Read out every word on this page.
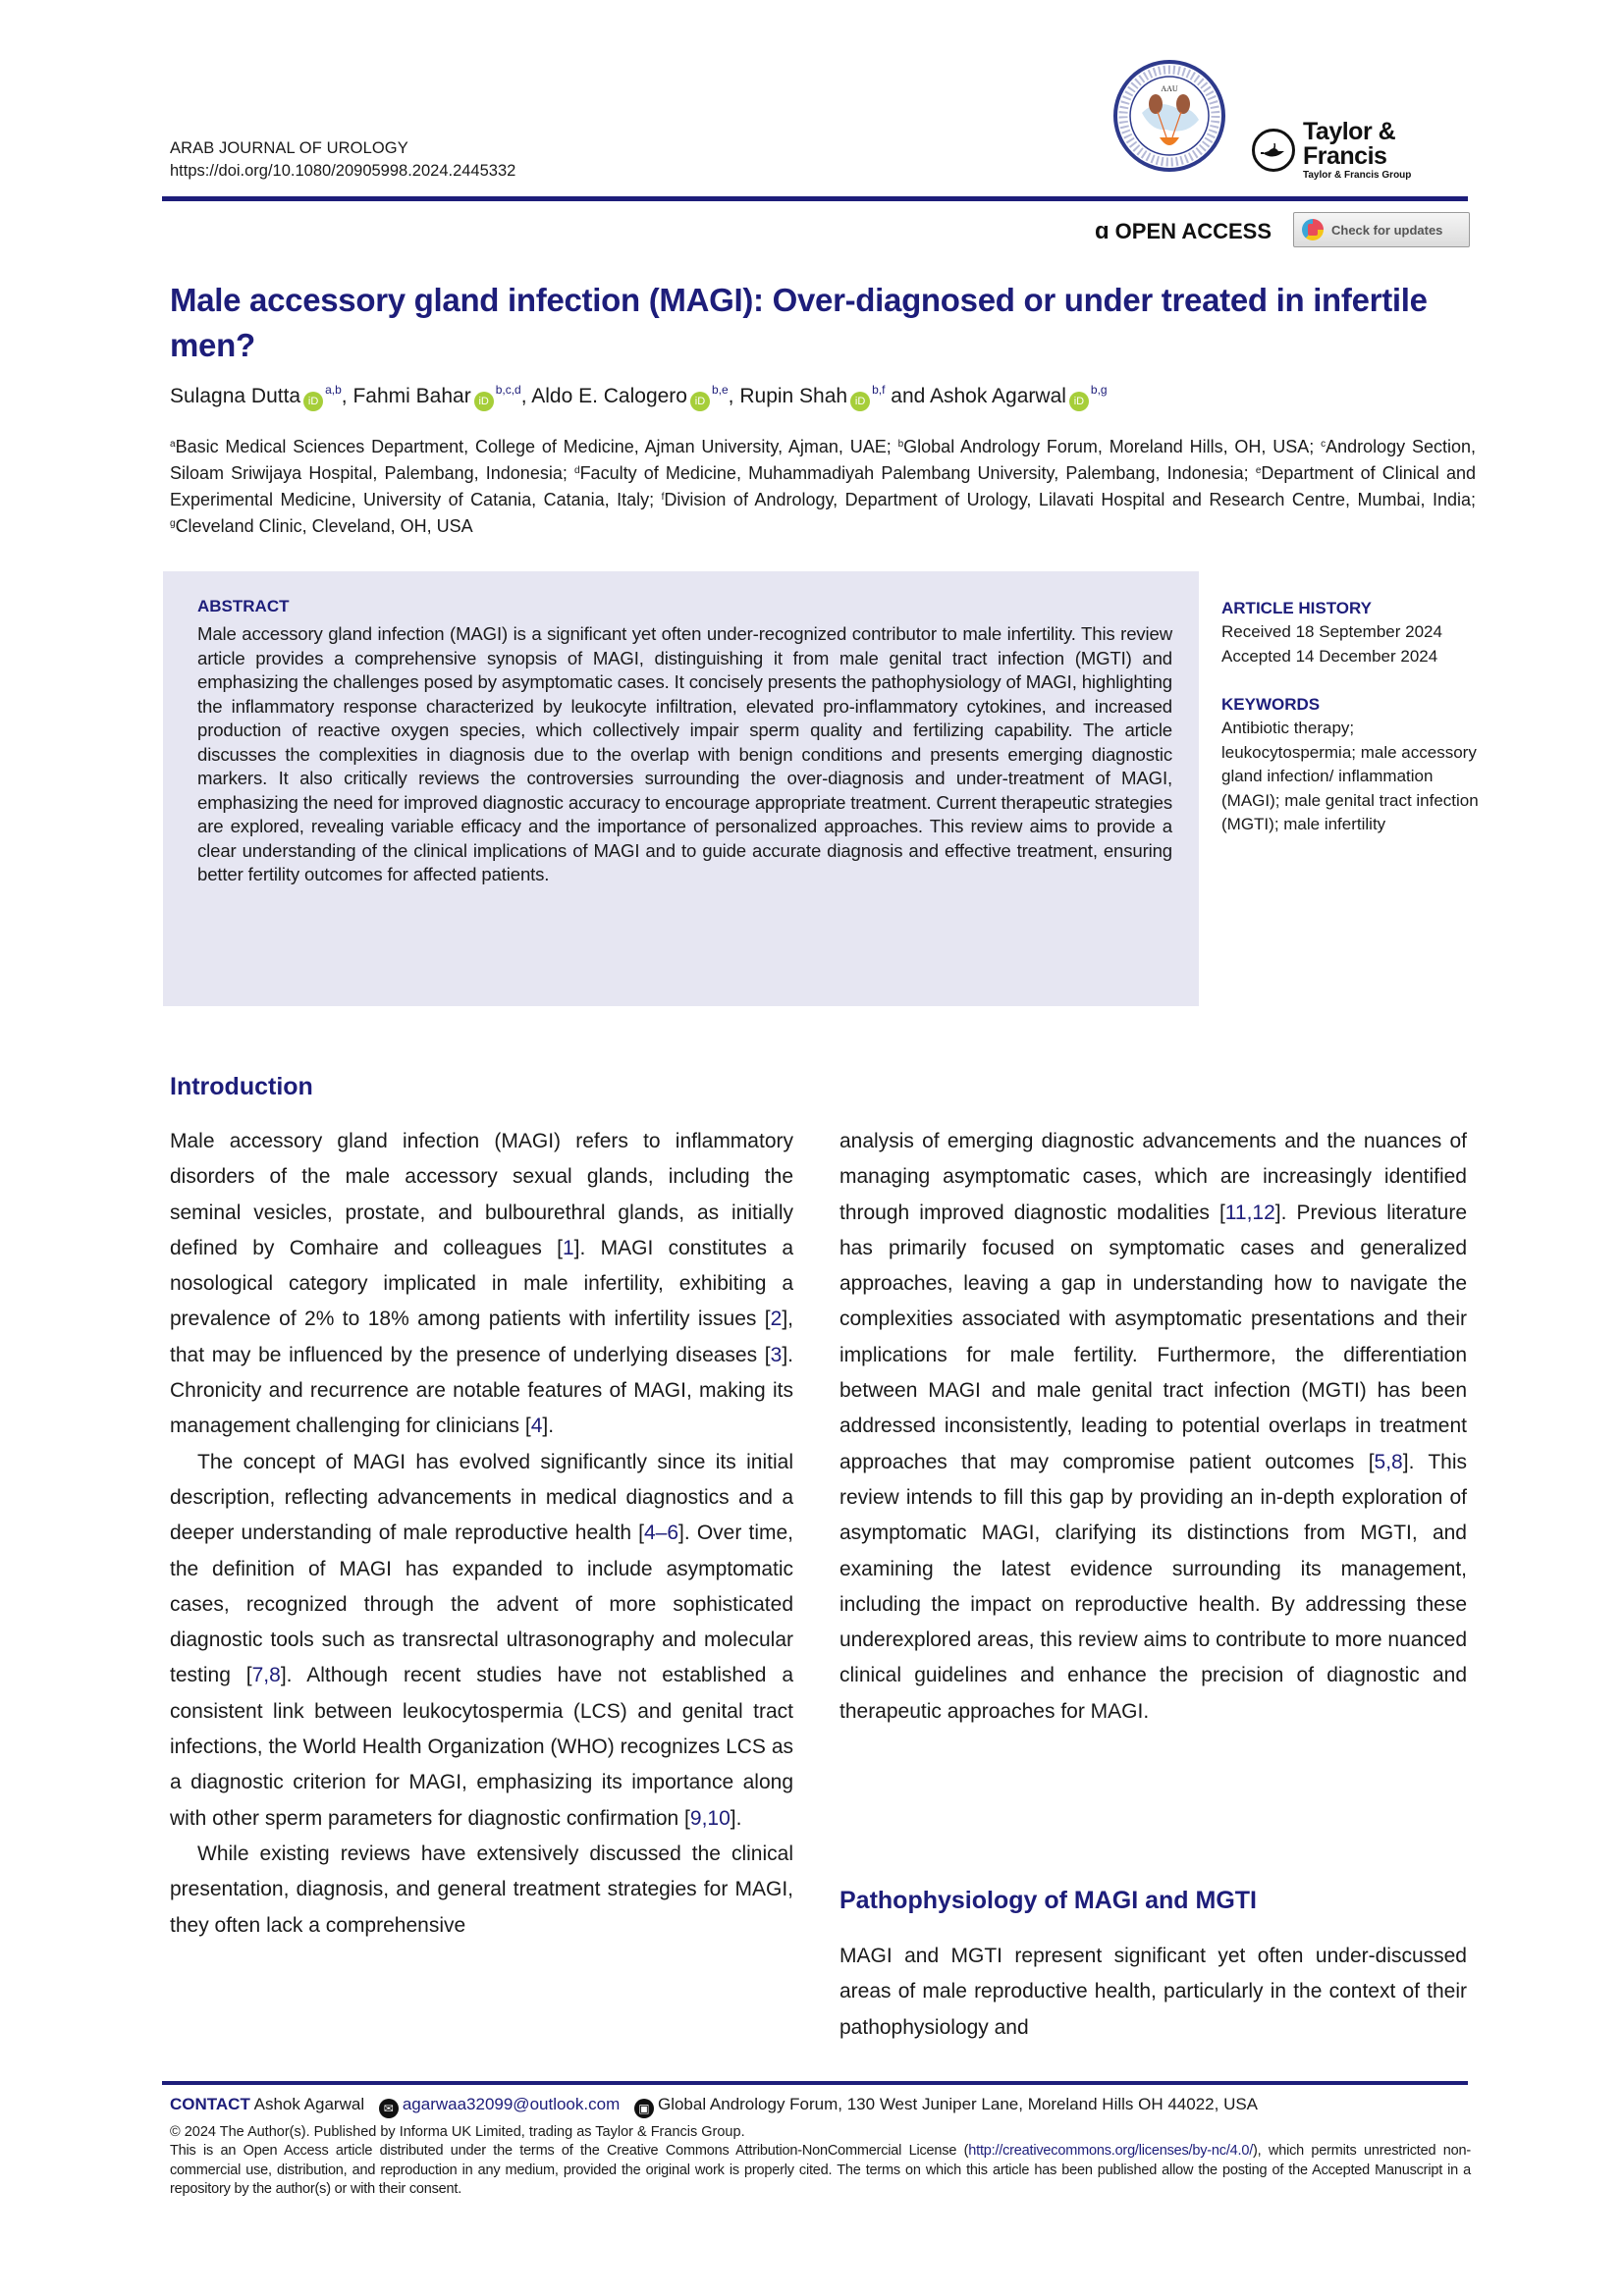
ARAB JOURNAL OF UROLOGY
https://doi.org/10.1080/20905998.2024.2445332
AAU
Taylor & Francis
Taylor & Francis Group
ɑ OPEN ACCESS	Check for updates
Male accessory gland infection (MAGI): Over-diagnosed or under treated in infertile men?
Sulagna Dutta iD$^{a,b}$, Fahmi Bahar iD$^{b,c,d}$, Aldo E. Calogero iD$^{b,e}$, Rupin Shah iD$^{b,f}$ and Ashok Agarwal iD$^{b,g}$
$^a$Basic Medical Sciences Department, College of Medicine, Ajman University, Ajman, UAE; $^b$Global Andrology Forum, Moreland Hills, OH, USA; $^c$Andrology Section, Siloam Sriwijaya Hospital, Palembang, Indonesia; $^d$Faculty of Medicine, Muhammadiyah Palembang University, Palembang, Indonesia; $^e$Department of Clinical and Experimental Medicine, University of Catania, Catania, Italy; $^f$Division of Andrology, Department of Urology, Lilavati Hospital and Research Centre, Mumbai, India; $^g$Cleveland Clinic, Cleveland, OH, USA
ABSTRACT
Male accessory gland infection (MAGI) is a significant yet often under-recognized contributor to male infertility. This review article provides a comprehensive synopsis of MAGI, distinguishing it from male genital tract infection (MGTI) and emphasizing the challenges posed by asymptomatic cases. It concisely presents the pathophysiology of MAGI, highlighting the inflammatory response characterized by leukocyte infiltration, elevated pro-inflammatory cytokines, and increased production of reactive oxygen species, which collectively impair sperm quality and fertilizing capability. The article discusses the complexities in diagnosis due to the overlap with benign conditions and presents emerging diagnostic markers. It also critically reviews the controversies surrounding the over-diagnosis and under-treatment of MAGI, emphasizing the need for improved diagnostic accuracy to encourage appropriate treatment. Current therapeutic strategies are explored, revealing variable efficacy and the importance of personalized approaches. This review aims to provide a clear understanding of the clinical implications of MAGI and to guide accurate diagnosis and effective treatment, ensuring better fertility outcomes for affected patients.
ARTICLE HISTORY
Received 18 September 2024
Accepted 14 December 2024
KEYWORDS
Antibiotic therapy; leukocytospermia; male accessory gland infection/ inflammation (MAGI); male genital tract infection (MGTI); male infertility
Introduction

Male accessory gland infection (MAGI) refers to inflammatory disorders of the male accessory sexual glands, including the seminal vesicles, prostate, and bulbourethral glands, as initially defined by Comhaire and colleagues [1]. MAGI constitutes a nosological category implicated in male infertility, exhibiting a prevalence of 2% to 18% among patients with infertility issues [2], that may be influenced by the presence of underlying diseases [3]. Chronicity and recurrence are notable features of MAGI, making its management challenging for clinicians [4].

The concept of MAGI has evolved significantly since its initial description, reflecting advancements in medical diagnostics and a deeper understanding of male reproductive health [4–6]. Over time, the definition of MAGI has expanded to include asymptomatic cases, recognized through the advent of more sophisticated diagnostic tools such as transrectal ultrasonography and molecular testing [7,8]. Although recent studies have not established a consistent link between leukocytospermia (LCS) and genital tract infections, the World Health Organization (WHO) recognizes LCS as a diagnostic criterion for MAGI, emphasizing its importance along with other sperm parameters for diagnostic confirmation [9,10].

While existing reviews have extensively discussed the clinical presentation, diagnosis, and general treatment strategies for MAGI, they often lack a comprehensive

analysis of emerging diagnostic advancements and the nuances of managing asymptomatic cases, which are increasingly identified through improved diagnostic modalities [11,12]. Previous literature has primarily focused on symptomatic cases and generalized approaches, leaving a gap in understanding how to navigate the complexities associated with asymptomatic presentations and their implications for male fertility. Furthermore, the differentiation between MAGI and male genital tract infection (MGTI) has been addressed inconsistently, leading to potential overlaps in treatment approaches that may compromise patient outcomes [5,8]. This review intends to fill this gap by providing an in-depth exploration of asymptomatic MAGI, clarifying its distinctions from MGTI, and examining the latest evidence surrounding its management, including the impact on reproductive health. By addressing these underexplored areas, this review aims to contribute to more nuanced clinical guidelines and enhance the precision of diagnostic and therapeutic approaches for MAGI.

Pathophysiology of MAGI and MGTI
MAGI and MGTI represent significant yet often under-discussed areas of male reproductive health, particularly in the context of their pathophysiology and
CONTACT Ashok Agarwal ✉ agarwaa32099@outlook.com ▣ Global Andrology Forum, 130 West Juniper Lane, Moreland Hills OH 44022, USA
© 2024 The Author(s). Published by Informa UK Limited, trading as Taylor & Francis Group.
This is an Open Access article distributed under the terms of the Creative Commons Attribution-NonCommercial License (http://creativecommons.org/licenses/by-nc/4.0/), which permits unrestricted non-commercial use, distribution, and reproduction in any medium, provided the original work is properly cited. The terms on which this article has been published allow the posting of the Accepted Manuscript in a repository by the author(s) or with their consent.
